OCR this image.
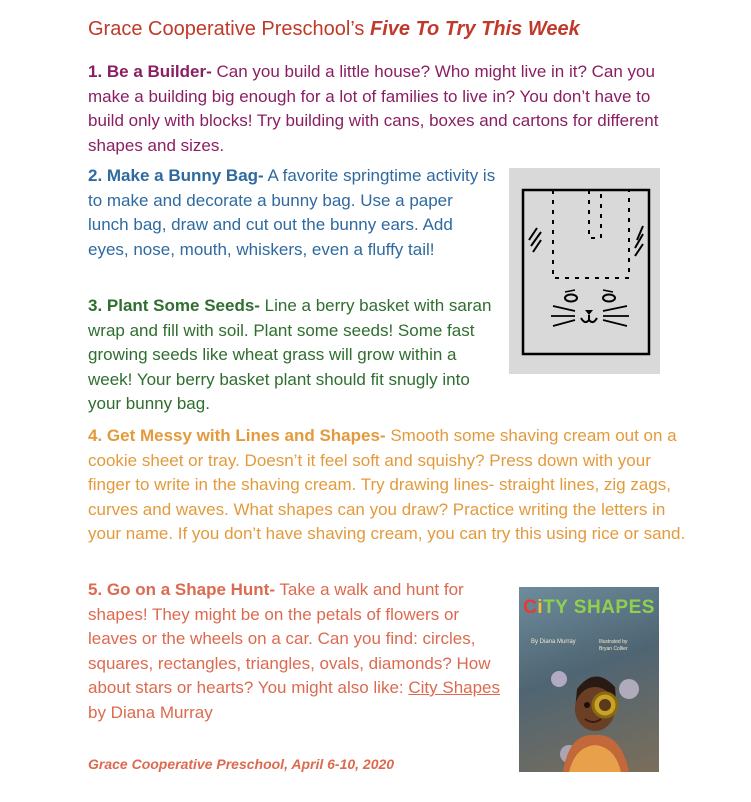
Grace Cooperative Preschool’s Five To Try This Week

1. Be a Builder- Can you build a little house? Who might live in it? Can you make a building big enough for a lot of families to live in? You don’t have to build only with blocks! Try building with cans, boxes and cartons for different shapes and sizes.

2. Make a Bunny Bag- A favorite springtime activity is to make and decorate a bunny bag. Use a paper lunch bag, draw and cut out the bunny ears. Add eyes, nose, mouth, whiskers, even a fluffy tail!

3. Plant Some Seeds- Line a berry basket with saran wrap and fill with soil. Plant some seeds! Some fast growing seeds like wheat grass will grow within a week! Your berry basket plant should fit snugly into your bunny bag.

4. Get Messy with Lines and Shapes- Smooth some shaving cream out on a cookie sheet or tray. Doesn’t it feel soft and squishy? Press down with your finger to write in the shaving cream. Try drawing lines- straight lines, zig zags, curves and waves. What shapes can you draw? Practice writing the letters in your name. If you don’t have shaving cream, you can try this using rice or sand.

5. Go on a Shape Hunt- Take a walk and hunt for shapes! They might be on the petals of flowers or leaves or the wheels on a car. Can you find: circles, squares, rectangles, triangles, ovals, diamonds? How about stars or hearts? You might also like: City Shapes by Diana Murray

CiTY SHAPES
By Diana Murray	Illustrated by
Bryan Collier
Grace Cooperative Preschool, April 6-10, 2020
